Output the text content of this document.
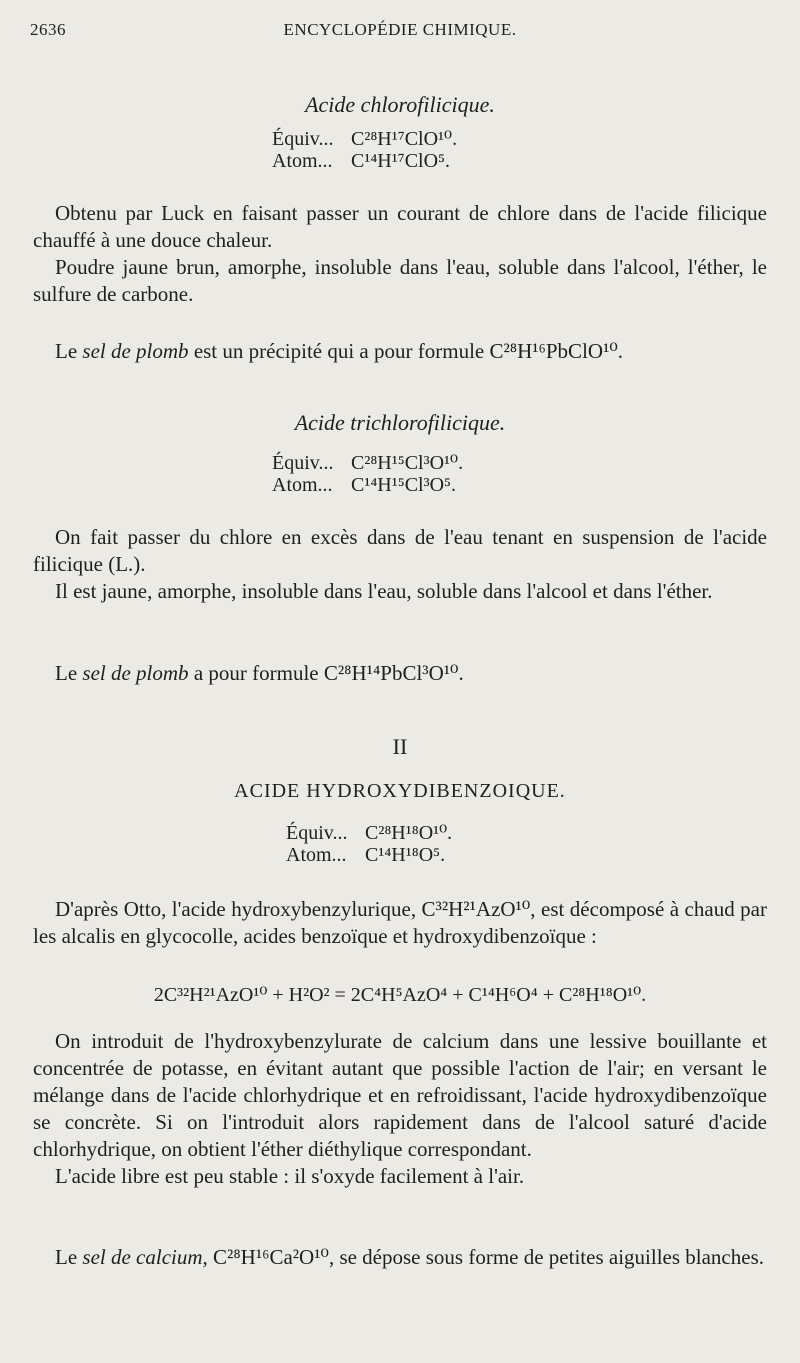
2636	ENCYCLOPÉDIE CHIMIQUE.
Acide chlorofilicique.
Équiv... C²⁸H¹⁷ClO¹⁰.
Atom... C¹⁴H¹⁷ClO⁵.

Obtenu par Luck en faisant passer un courant de chlore dans de l'acide filicique chauffé à une douce chaleur.

Poudre jaune brun, amorphe, insoluble dans l'eau, soluble dans l'alcool, l'éther, le sulfure de carbone.

Le sel de plomb est un précipité qui a pour formule C²⁸H¹⁶PbClO¹⁰.

Acide trichlorofilicique.
Équiv... C²⁸H¹⁵Cl³O¹⁰.
Atom... C¹⁴H¹⁵Cl³O⁵.

On fait passer du chlore en excès dans de l'eau tenant en suspension de l'acide filicique (L.).

Il est jaune, amorphe, insoluble dans l'eau, soluble dans l'alcool et dans l'éther.

Le sel de plomb a pour formule C²⁸H¹⁴PbCl³O¹⁰.

II
ACIDE HYDROXYDIBENZOIQUE.
Équiv... C²⁸H¹⁸O¹⁰.
Atom... C¹⁴H¹⁸O⁵.

D'après Otto, l'acide hydroxybenzylurique, C³²H²¹AzO¹⁰, est décomposé à chaud par les alcalis en glycocolle, acides benzoïque et hydroxydibenzoïque :

2C³²H²¹AzO¹⁰ + H²O² = 2C⁴H⁵AzO⁴ + C¹⁴H⁶O⁴ + C²⁸H¹⁸O¹⁰.

On introduit de l'hydroxybenzylurate de calcium dans une lessive bouillante et concentrée de potasse, en évitant autant que possible l'action de l'air; en versant le mélange dans de l'acide chlorhydrique et en refroidissant, l'acide hydroxydibenzoïque se concrète. Si on l'introduit alors rapidement dans de l'alcool saturé d'acide chlorhydrique, on obtient l'éther diéthylique correspondant.

L'acide libre est peu stable : il s'oxyde facilement à l'air.

Le sel de calcium, C²⁸H¹⁶Ca²O¹⁰, se dépose sous forme de petites aiguilles blanches.
